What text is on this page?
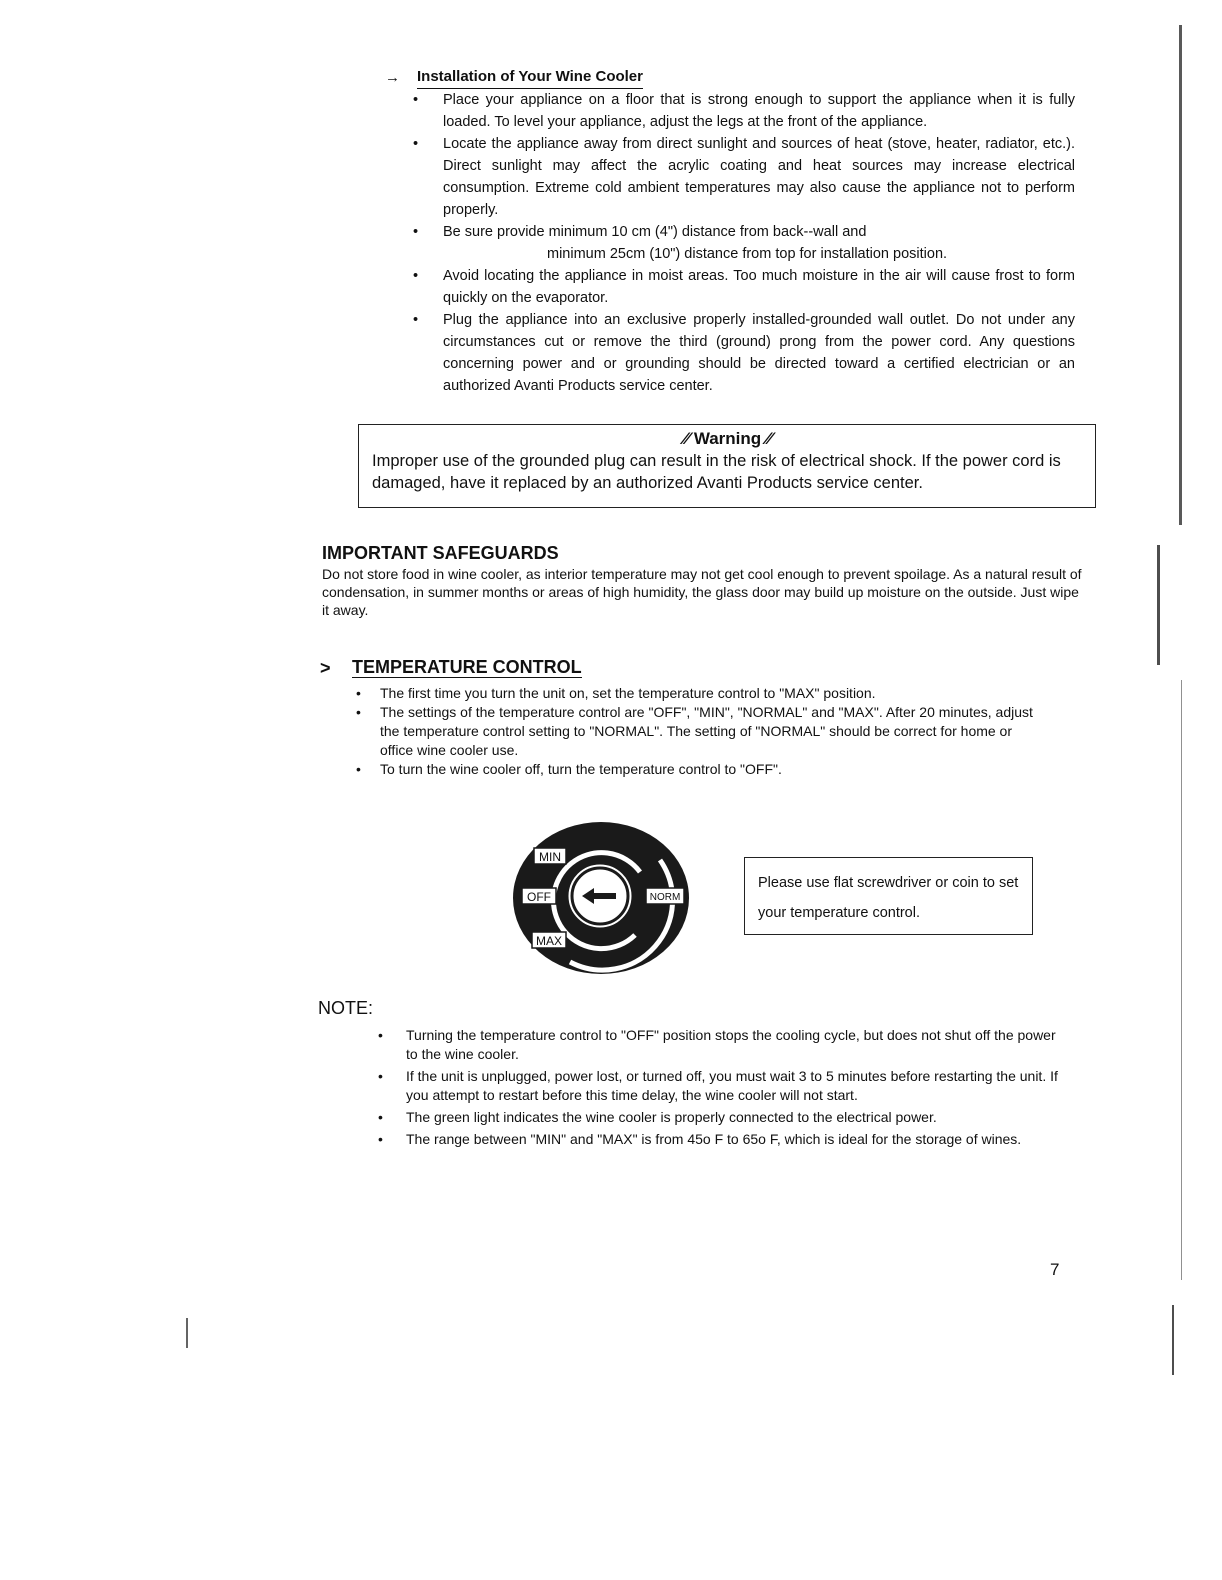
→	Installation of Your Wine Cooler
• Place your appliance on a floor that is strong enough to support the appliance when it is fully loaded. To level your appliance, adjust the legs at the front of the appliance.
• Locate the appliance away from direct sunlight and sources of heat (stove, heater, radiator, etc.). Direct sunlight may affect the acrylic coating and heat sources may increase electrical consumption. Extreme cold ambient temperatures may also cause the appliance not to perform properly.
• Be sure provide minimum 10 cm (4") distance from back--wall and
minimum 25cm (10") distance from top for installation position.
• Avoid locating the appliance in moist areas. Too much moisture in the air will cause frost to form quickly on the evaporator.
• Plug the appliance into an exclusive properly installed-grounded wall outlet. Do not under any circumstances cut or remove the third (ground) prong from the power cord. Any questions concerning power and or grounding should be directed toward a certified electrician or an authorized Avanti Products service center.
⁄⁄ Warning ⁄⁄
Improper use of the grounded plug can result in the risk of electrical shock. If the power cord is damaged, have it replaced by an authorized Avanti Products service center.
IMPORTANT SAFEGUARDS

Do not store food in wine cooler, as interior temperature may not get cool enough to prevent spoilage. As a natural result of condensation, in summer months or areas of high humidity, the glass door may build up moisture on the outside. Just wipe it away.

>	TEMPERATURE CONTROL
• The first time you turn the unit on, set the temperature control to "MAX" position.
• The settings of the temperature control are "OFF", "MIN", "NORMAL" and "MAX". After 20 minutes, adjust the temperature control setting to "NORMAL". The setting of "NORMAL" should be correct for home or office wine cooler use.
• To turn the wine cooler off, turn the temperature control to "OFF".
MIN
OFF	NORM
MAX
Please use flat screwdriver or coin to set your temperature control.
NOTE:
• Turning the temperature control to "OFF" position stops the cooling cycle, but does not shut off the power to the wine cooler.
• If the unit is unplugged, power lost, or turned off, you must wait 3 to 5 minutes before restarting the unit. If you attempt to restart before this time delay, the wine cooler will not start.
• The green light indicates the wine cooler is properly connected to the electrical power.
• The range between "MIN" and "MAX" is from 45o F to 65o F, which is ideal for the storage of wines.
7
